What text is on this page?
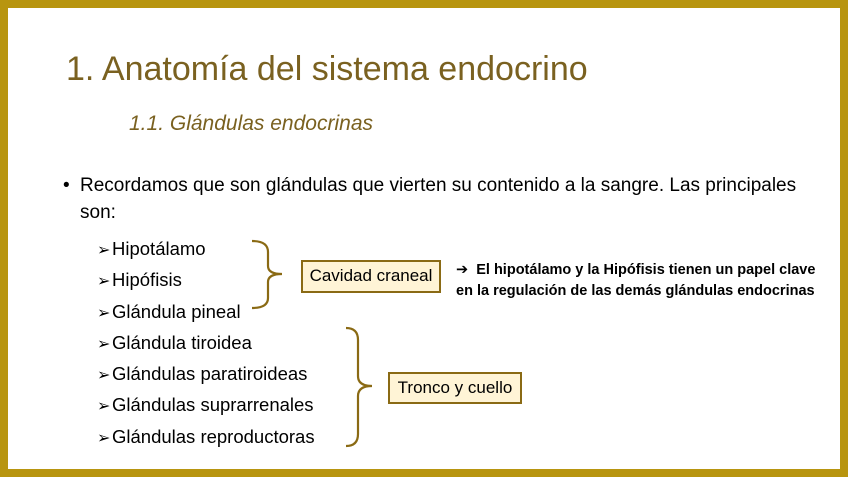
1. Anatomía del sistema endocrino
1.1. Glándulas endocrinas
• Recordamos que son glándulas que vierten su contenido a la sangre. Las principales son:
➢Hipotálamo
➢Hipófisis
➢Glándula pineal
➢Glándula tiroidea
➢Glándulas paratiroideas
➢Glándulas suprarrenales
➢Glándulas reproductoras
Cavidad craneal
Tronco y cuello
➔ El hipotálamo y la Hipófisis tienen un papel clave en la regulación de las demás glándulas endocrinas
